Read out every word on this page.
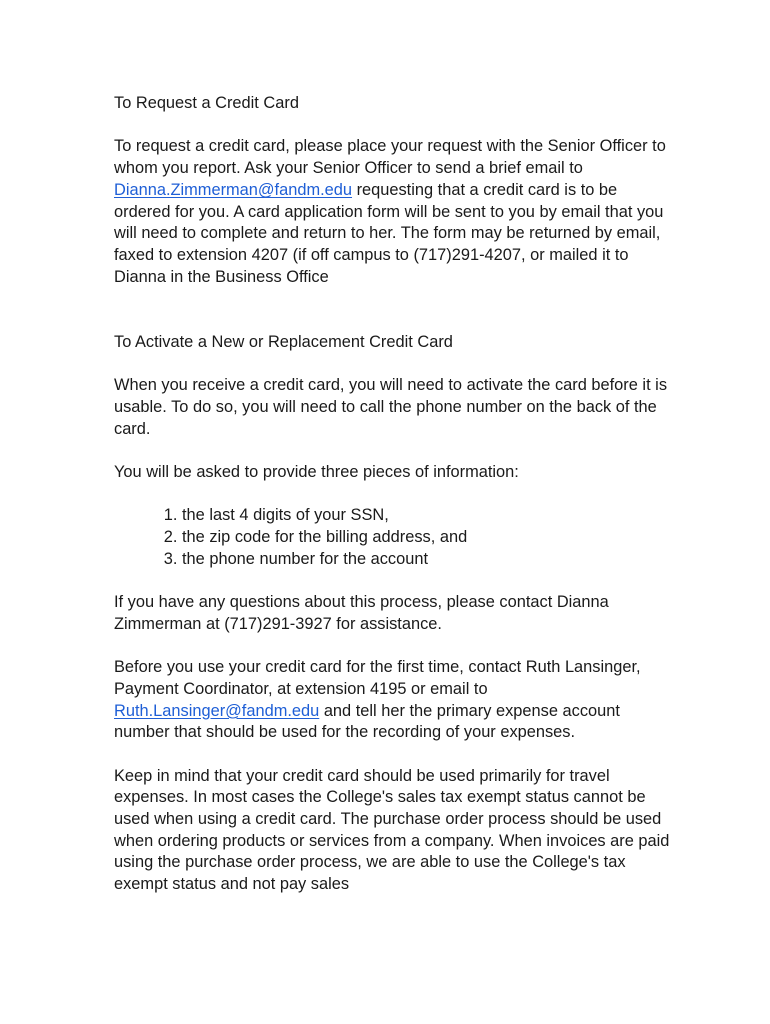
To Request a Credit Card

To request a credit card, please place your request with the Senior Officer to whom you report. Ask your Senior Officer to send a brief email to Dianna.Zimmerman@fandm.edu requesting that a credit card is to be ordered for you. A card application form will be sent to you by email that you will need to complete and return to her. The form may be returned by email, faxed to extension 4207 (if off campus to (717)291-4207, or mailed it to Dianna in the Business Office

To Activate a New or Replacement Credit Card

When you receive a credit card, you will need to activate the card before it is usable. To do so, you will need to call the phone number on the back of the card.

You will be asked to provide three pieces of information:

1. the last 4 digits of your SSN,
2. the zip code for the billing address, and
3. the phone number for the account

If you have any questions about this process, please contact Dianna Zimmerman at (717)291-3927 for assistance.

Before you use your credit card for the first time, contact Ruth Lansinger, Payment Coordinator, at extension 4195 or email to Ruth.Lansinger@fandm.edu and tell her the primary expense account number that should be used for the recording of your expenses.

Keep in mind that your credit card should be used primarily for travel expenses. In most cases the College's sales tax exempt status cannot be used when using a credit card. The purchase order process should be used when ordering products or services from a company. When invoices are paid using the purchase order process, we are able to use the College's tax exempt status and not pay sales
